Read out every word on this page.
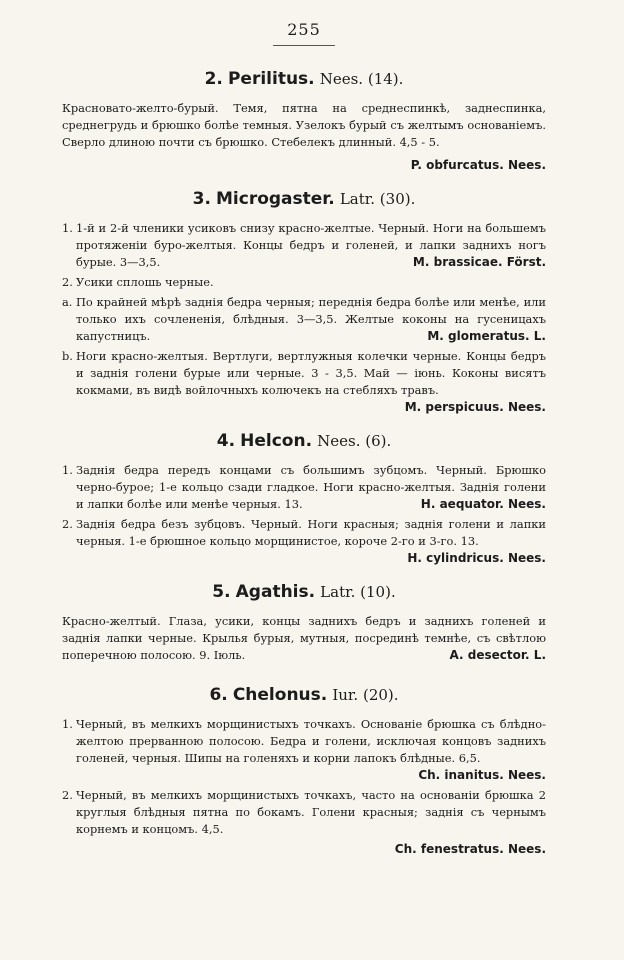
255
2. Perilitus. Nees. (14).
Красновато-желто-бурый. Темя, пятна на среднеспинкѣ, заднеспинка, среднегрудь и брюшко болѣе темныя. Узелокъ бурый съ желтымъ основаніемъ. Сверло длиною почти съ брюшко. Стебелекъ длинный. 4,5 - 5.
P. obfurcatus. Nees.
3. Microgaster. Latr. (30).
1. 1-й и 2-й членики усиковъ снизу красно-желтые. Черный. Ноги на большемъ протяженіи буро-желтыя. Концы бедръ и голеней, и лапки заднихъ ногъ бурые. 3—3,5.	M. brassicae. Först.
2. Усики сплошь черные.
a. По крайней мѣрѣ заднія бедра черныя; переднія бедра болѣе или менѣе, или только ихъ сочлененія, блѣдныя. 3—3,5. Желтые коконы на гусеницахъ капустницъ.	M. glomeratus. L.
b. Ноги красно-желтыя. Вертлуги, вертлужныя колечки черные. Концы бедръ и заднія голени бурые или черные. 3 - 3,5. Май — іюнь. Коконы висятъ кокмами, въ видѣ войлочныхъ колючекъ на стебляхъ травъ.
M. perspicuus. Nees.
4. Helcon. Nees. (6).
1. Заднія бедра передъ концами съ большимъ зубцомъ. Черный. Брюшко черно-бурое; 1-е кольцо сзади гладкое. Ноги красно-желтыя. Заднія голени и лапки болѣе или менѣе черныя. 13.	H. aequator. Nees.
2. Заднія бедра безъ зубцовъ. Черный. Ноги красныя; заднія голени и лапки черныя. 1-е брюшное кольцо морщинистое, короче 2-го и 3-го. 13.
H. cylindricus. Nees.
5. Agathis. Latr. (10).
Красно-желтый. Глаза, усики, концы заднихъ бедръ и заднихъ голеней и заднія лапки черные. Крылья бурыя, мутныя, посрединѣ темнѣе, съ свѣтлою поперечною полосою. 9. Іюль.	A. desector. L.
6. Chelonus. Iur. (20).
1. Черный, въ мелкихъ морщинистыхъ точкахъ. Основаніе брюшка съ блѣдно-желтою прерванною полосою. Бедра и голени, исключая концовъ заднихъ голеней, черныя. Шипы на голеняхъ и корни лапокъ блѣдные. 6,5.
Ch. inanitus. Nees.
2. Черный, въ мелкихъ морщинистыхъ точкахъ, часто на основаніи брюшка 2 круглыя блѣдныя пятна по бокамъ. Голени красныя; заднія съ чернымъ корнемъ и концомъ. 4,5.
Ch. fenestratus. Nees.
